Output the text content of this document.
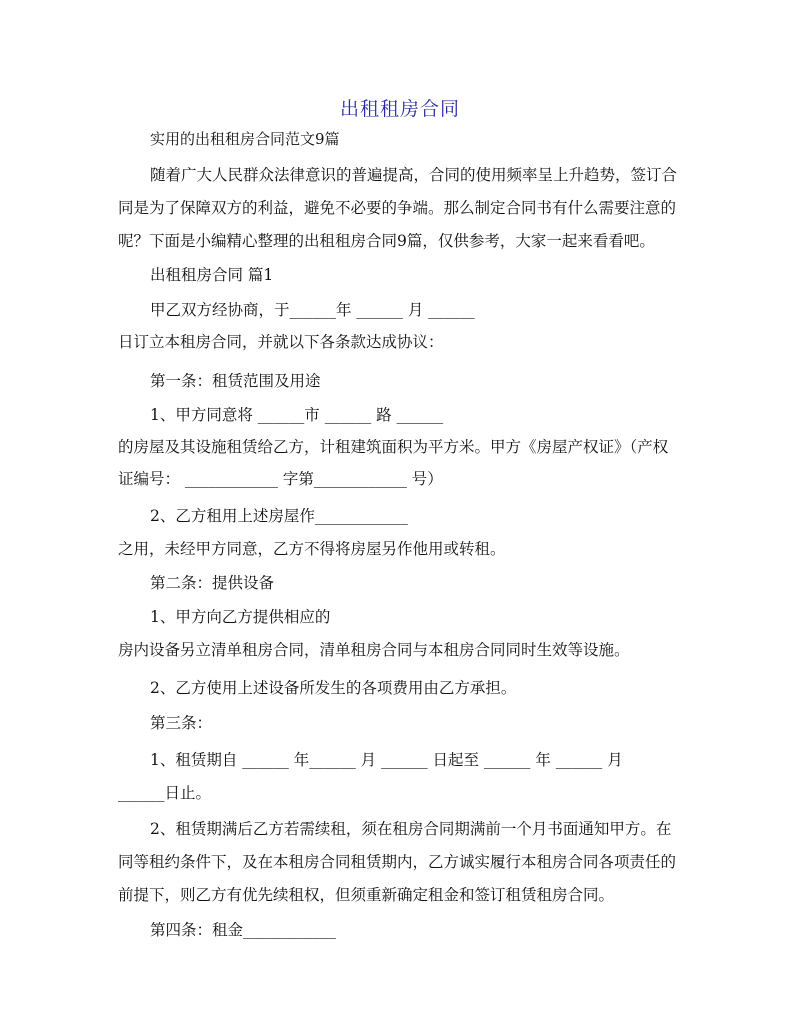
出租租房合同

实用的出租租房合同范文9篇

随着广大人民群众法律意识的普遍提高，合同的使用频率呈上升趋势，签订合

同是为了保障双方的利益，避免不必要的争端。那么制定合同书有什么需要注意的

呢？下面是小编精心整理的出租租房合同9篇，仅供参考，大家一起来看看吧。

出租租房合同 篇1

甲乙双方经协商，于______年 ______ 月 ______

日订立本租房合同，并就以下各条款达成协议：

第一条：租赁范围及用途

1、甲方同意将 ______市 ______ 路 ______

的房屋及其设施租赁给乙方，计租建筑面积为平方米。甲方《房屋产权证》（产权

证编号： ____________ 字第____________ 号）

2、乙方租用上述房屋作____________

之用，未经甲方同意，乙方不得将房屋另作他用或转租。

第二条：提供设备

1、甲方向乙方提供相应的

房内设备另立清单租房合同，清单租房合同与本租房合同同时生效等设施。

2、乙方使用上述设备所发生的各项费用由乙方承担。

第三条：

1、租赁期自 ______ 年______ 月 ______ 日起至 ______ 年 ______ 月

______日止。

2、租赁期满后乙方若需续租，须在租房合同期满前一个月书面通知甲方。在

同等租约条件下，及在本租房合同租赁期内，乙方诚实履行本租房合同各项责任的

前提下，则乙方有优先续租权，但须重新确定租金和签订租赁租房合同。

第四条：租金____________
